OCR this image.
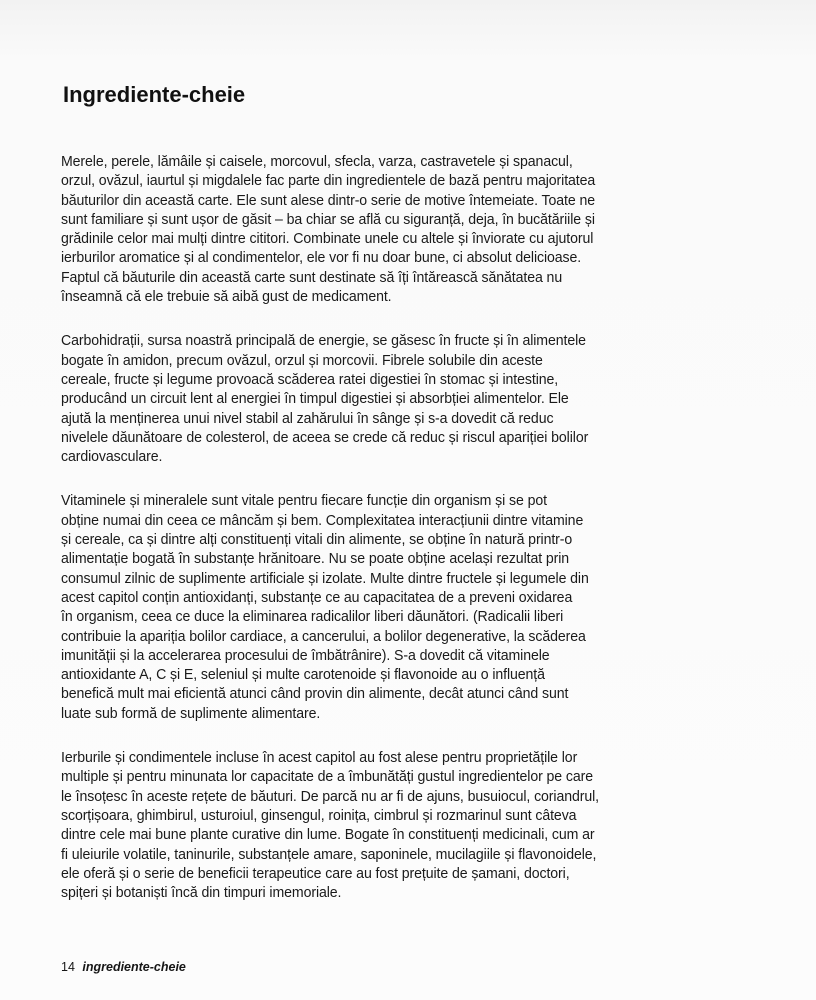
Ingrediente-cheie

Merele, perele, lămâile și caisele, morcovul, sfecla, varza, castravetele și spanacul,
orzul, ovăzul, iaurtul și migdalele fac parte din ingredientele de bază pentru majoritatea
băuturilor din această carte. Ele sunt alese dintr-o serie de motive întemeiate. Toate ne
sunt familiare și sunt ușor de găsit – ba chiar se află cu siguranță, deja, în bucătăriile și
grădinile celor mai mulți dintre cititori. Combinate unele cu altele și înviorate cu ajutorul
ierburilor aromatice și al condimentelor, ele vor fi nu doar bune, ci absolut delicioase.
Faptul că băuturile din această carte sunt destinate să îți întărească sănătatea nu
înseamnă că ele trebuie să aibă gust de medicament.

Carbohidrații, sursa noastră principală de energie, se găsesc în fructe și în alimentele
bogate în amidon, precum ovăzul, orzul și morcovii. Fibrele solubile din aceste
cereale, fructe și legume provoacă scăderea ratei digestiei în stomac și intestine,
producând un circuit lent al energiei în timpul digestiei și absorbției alimentelor. Ele
ajută la menținerea unui nivel stabil al zahărului în sânge și s-a dovedit că reduc
nivelele dăunătoare de colesterol, de aceea se crede că reduc și riscul apariției bolilor
cardiovasculare.

Vitaminele și mineralele sunt vitale pentru fiecare funcție din organism și se pot
obține numai din ceea ce mâncăm și bem. Complexitatea interacțiunii dintre vitamine
și cereale, ca și dintre alți constituenți vitali din alimente, se obține în natură printr-o
alimentație bogată în substanțe hrănitoare. Nu se poate obține același rezultat prin
consumul zilnic de suplimente artificiale și izolate. Multe dintre fructele și legumele din
acest capitol conțin antioxidanți, substanțe ce au capacitatea de a preveni oxidarea
în organism, ceea ce duce la eliminarea radicalilor liberi dăunători. (Radicalii liberi
contribuie la apariția bolilor cardiace, a cancerului, a bolilor degenerative, la scăderea
imunității și la accelerarea procesului de îmbătrânire). S-a dovedit că vitaminele
antioxidante A, C și E, seleniul și multe carotenoide și flavonoide au o influență
benefică mult mai eficientă atunci când provin din alimente, decât atunci când sunt
luate sub formă de suplimente alimentare.

Ierburile și condimentele incluse în acest capitol au fost alese pentru proprietățile lor
multiple și pentru minunata lor capacitate de a îmbunătăți gustul ingredientelor pe care
le însoțesc în aceste rețete de băuturi. De parcă nu ar fi de ajuns, busuiocul, coriandrul,
scorțișoara, ghimbirul, usturoiul, ginsengul, roinița, cimbrul și rozmarinul sunt câteva
dintre cele mai bune plante curative din lume. Bogate în constituenți medicinali, cum ar
fi uleiurile volatile, taninurile, substanțele amare, saponinele, mucilagiile și flavonoidele,
ele oferă și o serie de beneficii terapeutice care au fost prețuite de șamani, doctori,
spițeri și botaniști încă din timpuri imemoriale.

14 ingrediente-cheie
